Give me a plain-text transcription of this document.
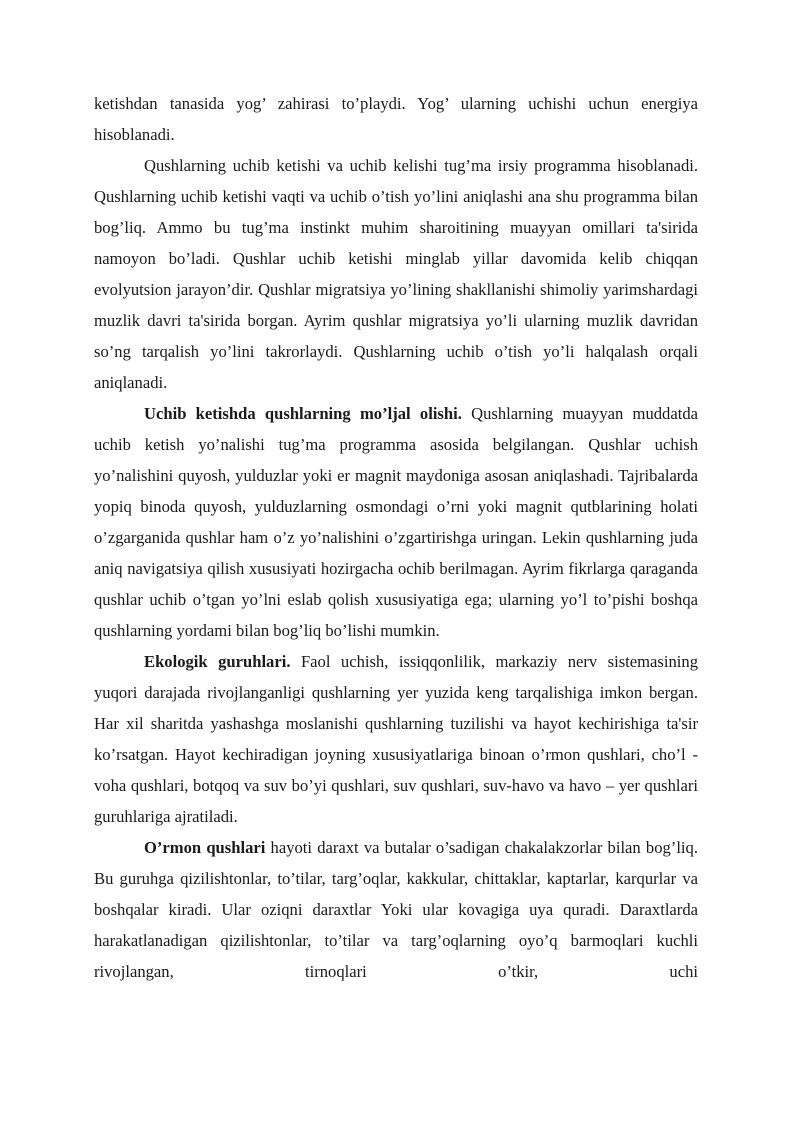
ketishdan tanasida yog’ zahirasi to’playdi. Yog’ ularning uchishi uchun energiya hisoblanadi.

Qushlarning uchib ketishi va uchib kelishi tug’ma irsiy programma hisoblanadi. Qushlarning uchib ketishi vaqti va uchib o’tish yo’lini aniqlashi ana shu programma bilan bog’liq. Ammo bu tug’ma instinkt muhim sharoitining muayyan omillari ta'sirida namoyon bo’ladi. Qushlar uchib ketishi minglab yillar davomida kelib chiqqan evolyutsion jarayon’dir. Qushlar migratsiya yo’lining shakllanishi shimoliy yarimshardagi muzlik davri ta'sirida borgan. Ayrim qushlar migratsiya yo’li ularning muzlik davridan so’ng tarqalish yo’lini takrorlaydi. Qushlarning uchib o’tish yo’li halqalash orqali aniqlanadi.

Uchib ketishda qushlarning mo’ljal olishi. Qushlarning muayyan muddatda uchib ketish yo’nalishi tug’ma programma asosida belgilangan. Qushlar uchish yo’nalishini quyosh, yulduzlar yoki er magnit maydoniga asosan aniqlashadi. Tajribalarda yopiq binoda quyosh, yulduzlarning osmondagi o’rni yoki magnit qutblarining holati o’zgarganida qushlar ham o’z yo’nalishini o’zgartirishga uringan. Lekin qushlarning juda aniq navigatsiya qilish xususiyati hozirgacha ochib berilmagan. Ayrim fikrlarga qaraganda qushlar uchib o’tgan yo’lni eslab qolish xususiyatiga ega; ularning yo’l to’pishi boshqa qushlarning yordami bilan bog’liq bo’lishi mumkin.

Ekologik guruhlari. Faol uchish, issiqqonlilik, markaziy nerv sistemasining yuqori darajada rivojlanganligi qushlarning yer yuzida keng tarqalishiga imkon bergan. Har xil sharitda yashashga moslanishi qushlarning tuzilishi va hayot kechirishiga ta'sir ko’rsatgan. Hayot kechiradigan joyning xususiyatlariga binoan o’rmon qushlari, cho’l -voha qushlari, botqoq va suv bo’yi qushlari, suv qushlari, suv-havo va havo – yer qushlari guruhlariga ajratiladi.

O’rmon qushlari hayoti daraxt va butalar o’sadigan chakalakzorlar bilan bog’liq. Bu guruhga qizilishtonlar, to’tilar, targ’oqlar, kakkular, chittaklar, kaptarlar, karqurlar va boshqalar kiradi. Ular oziqni daraxtlar Yoki ular kovagiga uya quradi. Daraxtlarda harakatlanadigan qizilishtonlar, to’tilar va targ’oqlarning oyo’q barmoqlari kuchli rivojlangan, tirnoqlari o’tkir, uchi
